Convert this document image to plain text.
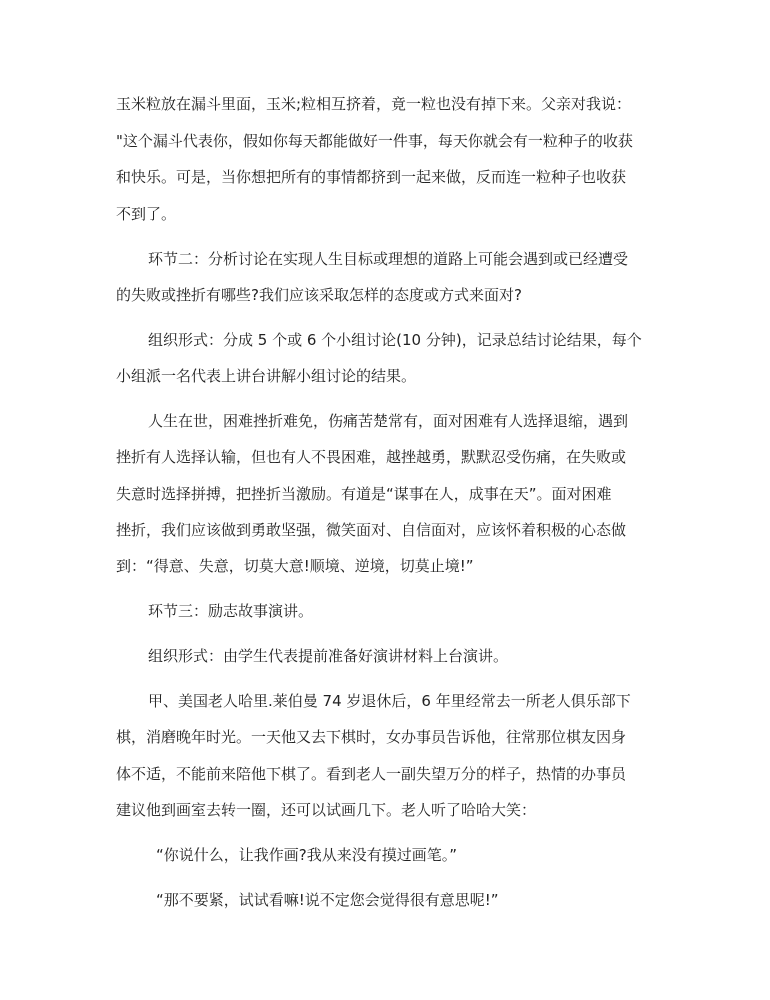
玉米粒放在漏斗里面，玉米;粒相互挤着，竟一粒也没有掉下来。父亲对我说：
"这个漏斗代表你，假如你每天都能做好一件事，每天你就会有一粒种子的收获
和快乐。可是，当你想把所有的事情都挤到一起来做，反而连一粒种子也收获
不到了。
环节二：分析讨论在实现人生目标或理想的道路上可能会遇到或已经遭受
的失败或挫折有哪些?我们应该采取怎样的态度或方式来面对?
组织形式：分成 5 个或 6 个小组讨论(10 分钟)，记录总结讨论结果，每个
小组派一名代表上讲台讲解小组讨论的结果。
人生在世，困难挫折难免，伤痛苦楚常有，面对困难有人选择退缩，遇到
挫折有人选择认输，但也有人不畏困难，越挫越勇，默默忍受伤痛，在失败或
失意时选择拼搏，把挫折当激励。有道是“谋事在人，成事在天”。面对困难
挫折，我们应该做到勇敢坚强，微笑面对、自信面对，应该怀着积极的心态做
到：“得意、失意，切莫大意!顺境、逆境，切莫止境!”
环节三：励志故事演讲。
组织形式：由学生代表提前准备好演讲材料上台演讲。
甲、美国老人哈里.莱伯曼 74 岁退休后，6 年里经常去一所老人俱乐部下
棋，消磨晚年时光。一天他又去下棋时，女办事员告诉他，往常那位棋友因身
体不适，不能前来陪他下棋了。看到老人一副失望万分的样子，热情的办事员
建议他到画室去转一圈，还可以试画几下。老人听了哈哈大笑：
“你说什么，让我作画?我从来没有摸过画笔。”
“那不要紧，试试看嘛!说不定您会觉得很有意思呢!”
